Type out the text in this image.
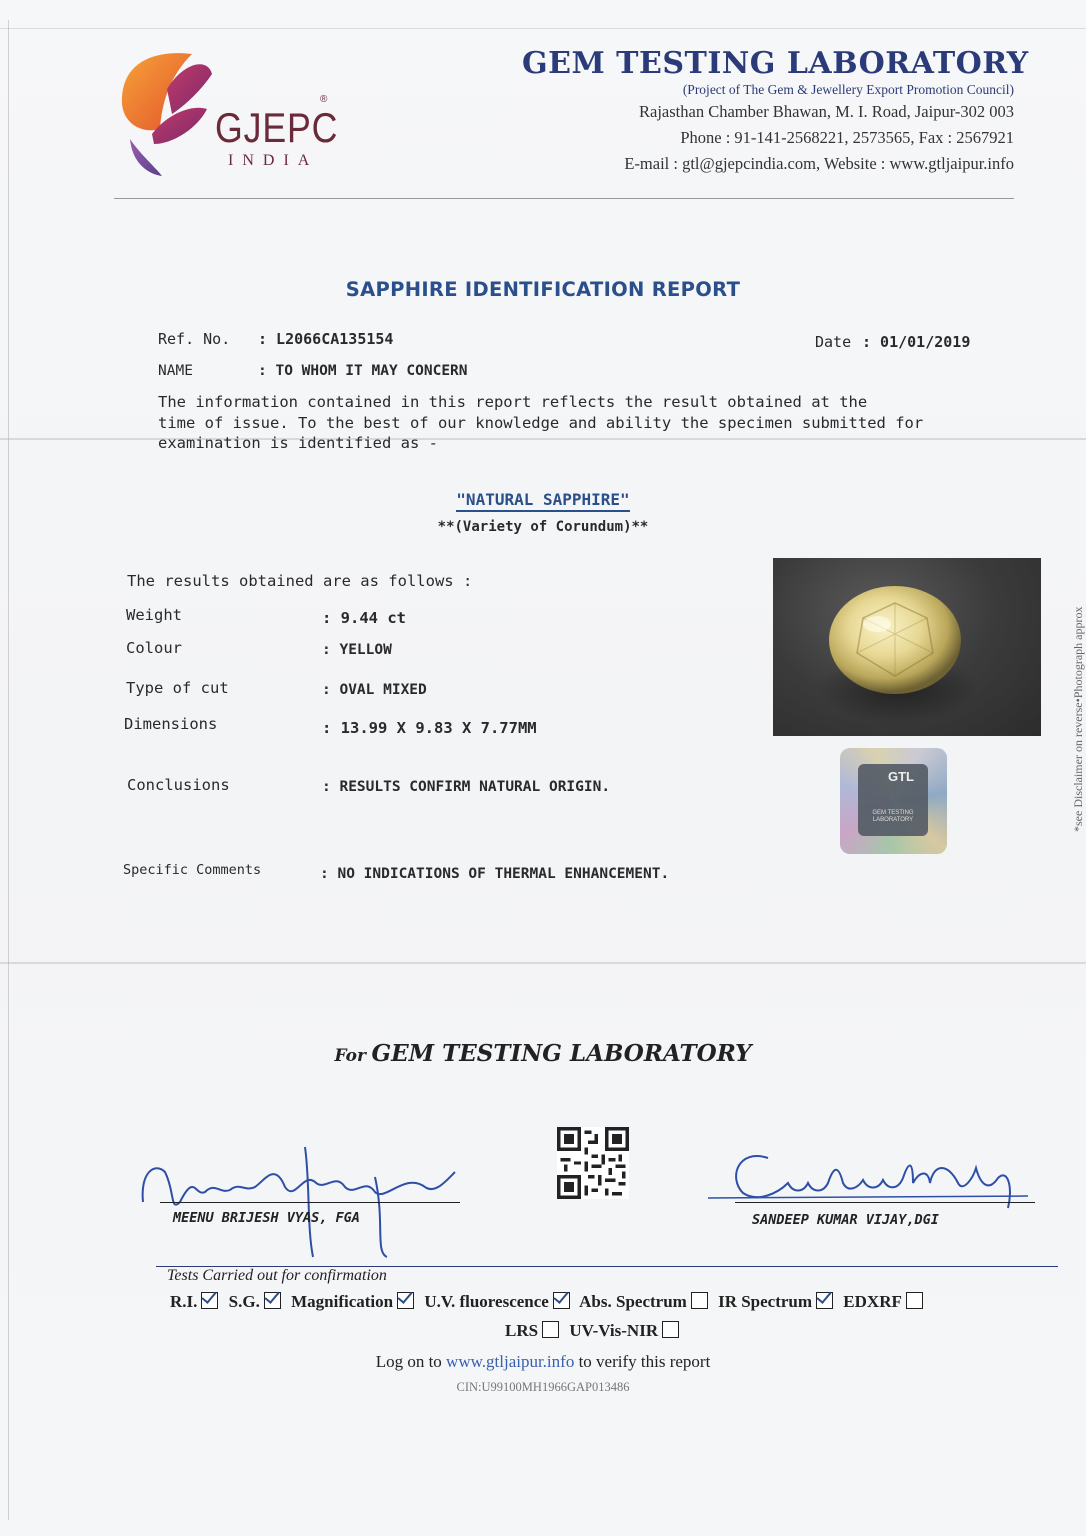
GJEPC
®
INDIA
GEM TESTING LABORATORY
(Project of The Gem & Jewellery Export Promotion Council)
Rajasthan Chamber Bhawan, M. I. Road, Jaipur-302 003
Phone : 91-141-2568221, 2573565, Fax : 2567921
E-mail : gtl@gjepcindia.com, Website : www.gtljaipur.info
SAPPHIRE IDENTIFICATION REPORT
Ref. No. : L2066CA135154	Date : 01/01/2019
NAME	: TO WHOM IT MAY CONCERN
The information contained in this report reflects the result obtained at the
time of issue. To the best of our knowledge and ability the specimen submitted for
examination is identified as -
"NATURAL SAPPHIRE"
**(Variety of Corundum)**
The results obtained are as follows :
Weight	: 9.44 ct
Colour	: YELLOW
Type of cut	: OVAL MIXED
Dimensions	: 13.99 X 9.83 X 7.77MM
Conclusions	: RESULTS CONFIRM NATURAL ORIGIN.
Specific Comments	: NO INDICATIONS OF THERMAL ENHANCEMENT.
GTL
GEM TESTING LABORATORY	*see Disclaimer on reverse•Photograph approx
For GEM TESTING LABORATORY
MEENU BRIJESH VYAS, FGA	SANDEEP KUMAR VIJAY,DGI
Tests Carried out for confirmation
R.I. S.G. Magnification U.V. fluorescence Abs. Spectrum IR Spectrum EDXRF
LRS UV-Vis-NIR
Log on to www.gtljaipur.info to verify this report
CIN:U99100MH1966GAP013486
